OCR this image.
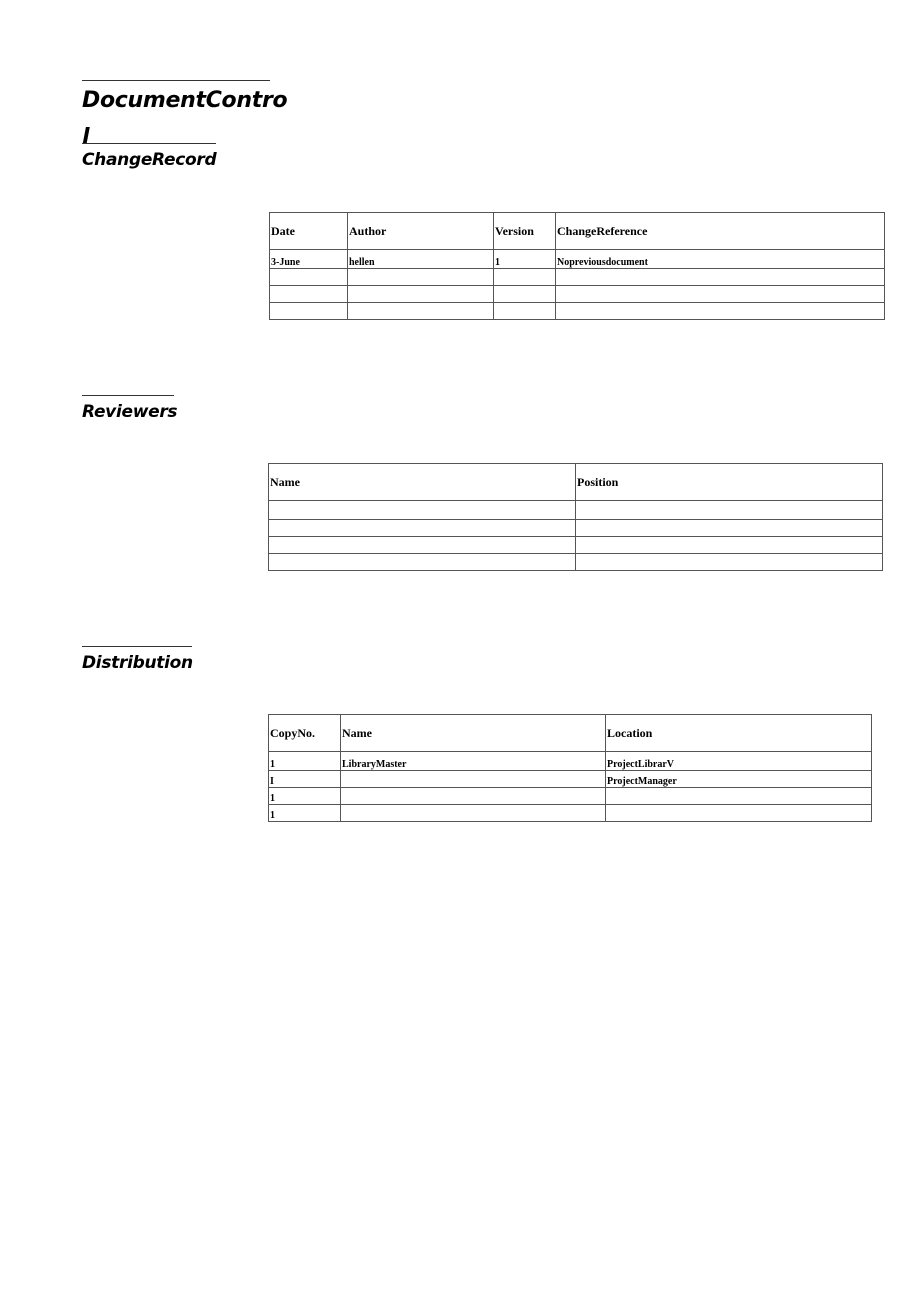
DocumentContro
l
ChangeRecord
Date	Author	Version	ChangeReference
3-June	hellen	1	Nopreviousdocument

Reviewers
Name	Position

Distribution
CopyNo.	Name	Location
1	LibraryMaster	ProjectLibrarV
I		ProjectManager
1		
1		
